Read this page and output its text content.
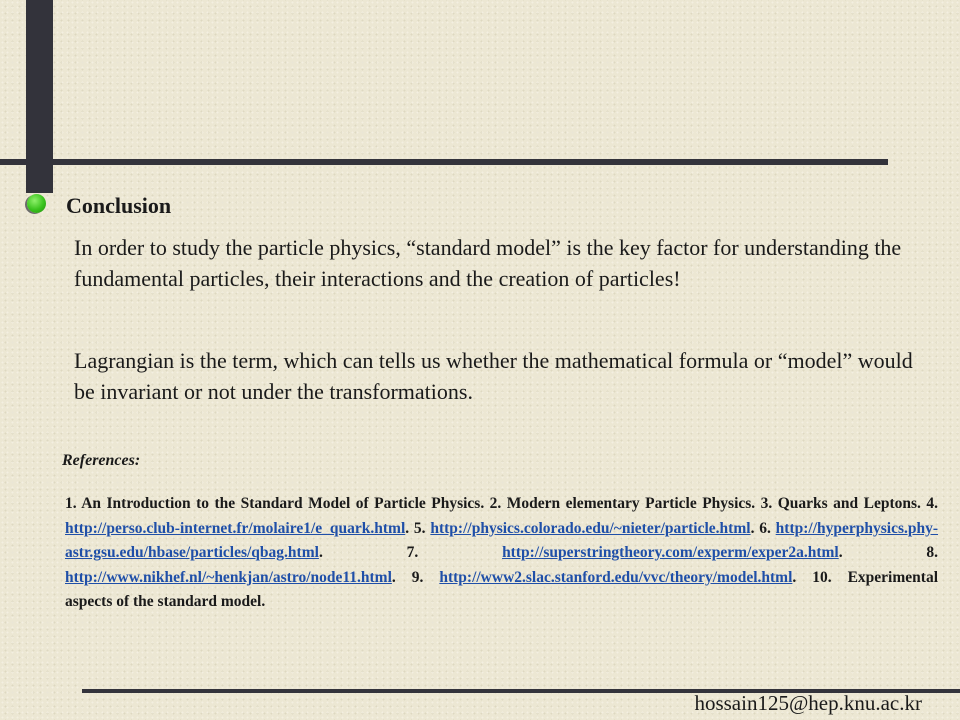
Conclusion

In order to study the particle physics, “standard model” is the key factor for understanding the fundamental particles, their interactions and the creation of particles!

Lagrangian is the term, which can tells us whether the mathematical formula or “model” would be invariant or not under the transformations.

References:

1. An Introduction to the Standard Model of Particle Physics. 2. Modern elementary Particle Physics. 3. Quarks and Leptons. 4. http://perso.club-internet.fr/molaire1/e_quark.html. 5. http://physics.colorado.edu/~nieter/particle.html. 6. http://hyperphysics.phy-astr.gsu.edu/hbase/particles/qbag.html. 7. http://superstringtheory.com/experm/exper2a.html. 8. http://www.nikhef.nl/~henkjan/astro/node11.html. 9. http://www2.slac.stanford.edu/vvc/theory/model.html. 10. Experimental aspects of the standard model.

hossain125@hep.knu.ac.kr
